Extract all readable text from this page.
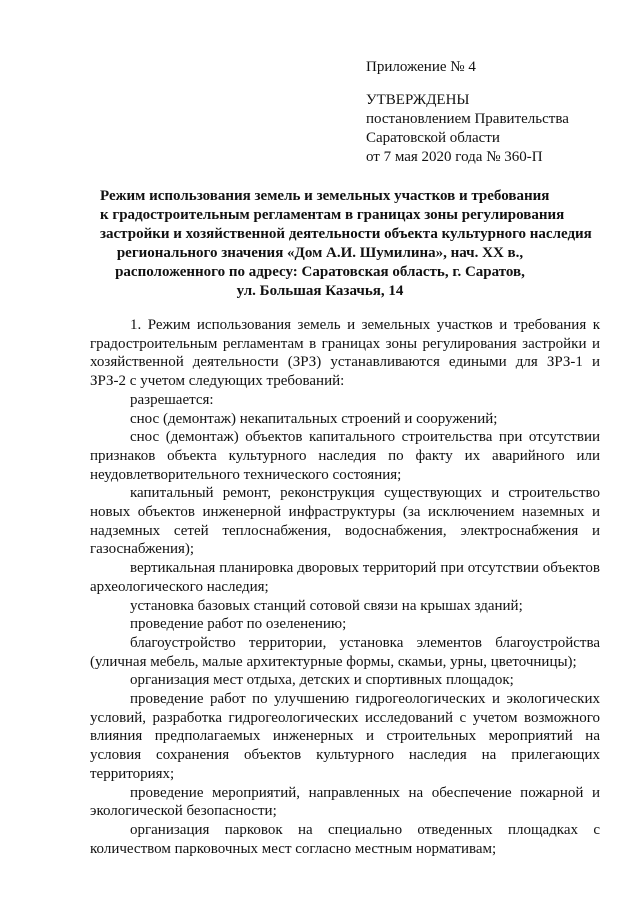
Приложение № 4
УТВЕРЖДЕНЫ
постановлением Правительства
Саратовской области
от 7 мая 2020 года № 360-П
Режим использования земель и земельных участков и требования
к градостроительным регламентам в границах зоны регулирования
застройки и хозяйственной деятельности объекта культурного наследия
регионального значения «Дом А.И. Шумилина», нач. XX в.,
расположенного по адресу: Саратовская область, г. Саратов,
ул. Большая Казачья, 14

1. Режим использования земель и земельных участков и требования к градостроительным регламентам в границах зоны регулирования застройки и хозяйственной деятельности (ЗРЗ) устанавливаются едиными для ЗРЗ-1 и ЗРЗ-2 с учетом следующих требований:

разрешается:

снос (демонтаж) некапитальных строений и сооружений;

снос (демонтаж) объектов капитального строительства при отсутствии признаков объекта культурного наследия по факту их аварийного или неудовлетворительного технического состояния;

капитальный ремонт, реконструкция существующих и строительство новых объектов инженерной инфраструктуры (за исключением наземных и надземных сетей теплоснабжения, водоснабжения, электроснабжения и газоснабжения);

вертикальная планировка дворовых территорий при отсутствии объектов археологического наследия;

установка базовых станций сотовой связи на крышах зданий;

проведение работ по озеленению;

благоустройство территории, установка элементов благоустройства (уличная мебель, малые архитектурные формы, скамьи, урны, цветочницы);

организация мест отдыха, детских и спортивных площадок;

проведение работ по улучшению гидрогеологических и экологических условий, разработка гидрогеологических исследований с учетом возможного влияния предполагаемых инженерных и строительных мероприятий на условия сохранения объектов культурного наследия на прилегающих территориях;

проведение мероприятий, направленных на обеспечение пожарной и экологической безопасности;

организация парковок на специально отведенных площадках с количеством парковочных мест согласно местным нормативам;
